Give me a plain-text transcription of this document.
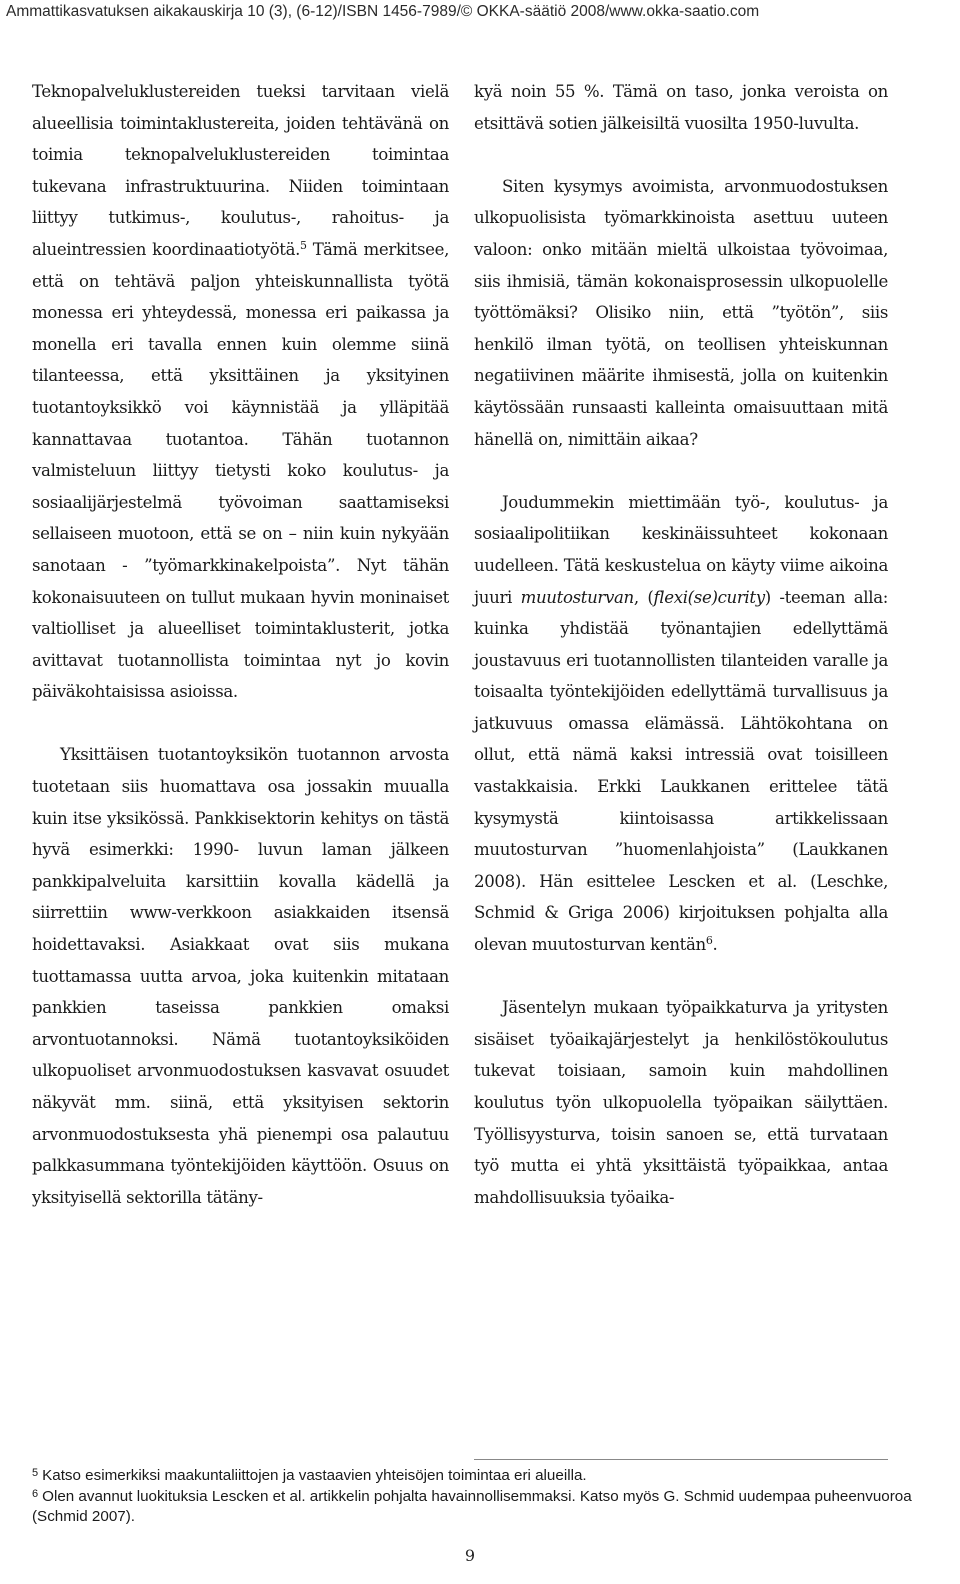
Ammattikasvatuksen aikakauskirja 10 (3), (6-12)/ISBN 1456-7989/© OKKA-säätiö 2008/www.okka-saatio.com

Teknopalveluklustereiden tueksi tarvitaan vielä alueellisia toimintaklustereita, joiden tehtävänä on toimia teknopalveluklustereiden toimintaa tukevana infrastruktuurina. Niiden toimintaan liittyy tutkimus-, koulutus-, rahoitus- ja alueintressien koordinaatiotyötä.$^5$ Tämä merkitsee, että on tehtävä paljon yhteiskunnallista työtä monessa eri yhteydessä, monessa eri paikassa ja monella eri tavalla ennen kuin olemme siinä tilanteessa, että yksittäinen ja yksityinen tuotantoyksikkö voi käynnistää ja ylläpitää kannattavaa tuotantoa. Tähän tuotannon valmisteluun liittyy tietysti koko koulutus- ja sosiaalijärjestelmä työvoiman saattamiseksi sellaiseen muotoon, että se on – niin kuin nykyään sanotaan - ”työmarkkinakelpoista”. Nyt tähän kokonaisuuteen on tullut mukaan hyvin moninaiset valtiolliset ja alueelliset toimintaklusterit, jotka avittavat tuotannollista toimintaa nyt jo kovin päiväkohtaisissa asioissa.

Yksittäisen tuotantoyksikön tuotannon arvosta tuotetaan siis huomattava osa jossakin muualla kuin itse yksikössä. Pankkisektorin kehitys on tästä hyvä esimerkki: 1990- luvun laman jälkeen pankkipalveluita karsittiin kovalla kädellä ja siirrettiin www-verkkoon asiakkaiden itsensä hoidettavaksi. Asiakkaat ovat siis mukana tuottamassa uutta arvoa, joka kuitenkin mitataan pankkien taseissa pankkien omaksi arvontuotannoksi. Nämä tuotantoyksiköiden ulkopuoliset arvonmuodostuksen kasvavat osuudet näkyvät mm. siinä, että yksityisen sektorin arvonmuodostuksesta yhä pienempi osa palautuu palkkasummana työntekijöiden käyttöön. Osuus on yksityisellä sektorilla tätäny-

kyä noin 55 %. Tämä on taso, jonka veroista on etsittävä sotien jälkeisiltä vuosilta 1950-luvulta.

Siten kysymys avoimista, arvonmuodostuksen ulkopuolisista työmarkkinoista asettuu uuteen valoon: onko mitään mieltä ulkoistaa työvoimaa, siis ihmisiä, tämän kokonaisprosessin ulkopuolelle työttömäksi? Olisiko niin, että ”työtön”, siis henkilö ilman työtä, on teollisen yhteiskunnan negatiivinen määrite ihmisestä, jolla on kuitenkin käytössään runsaasti kalleinta omaisuuttaan mitä hänellä on, nimittäin aikaa?

Joudummekin miettimään työ-, koulutus- ja sosiaalipolitiikan keskinäissuhteet kokonaan uudelleen. Tätä keskustelua on käyty viime aikoina juuri muutosturvan, (flexi(se)curity) -teeman alla: kuinka yhdistää työnantajien edellyttämä joustavuus eri tuotannollisten tilanteiden varalle ja toisaalta työntekijöiden edellyttämä turvallisuus ja jatkuvuus omassa elämässä. Lähtökohtana on ollut, että nämä kaksi intressiä ovat toisilleen vastakkaisia. Erkki Laukkanen erittelee tätä kysymystä kiintoisassa artikkelissaan muutosturvan ”huomenlahjoista” (Laukkanen 2008). Hän esittelee Lescken et al. (Leschke, Schmid & Griga 2006) kirjoituksen pohjalta alla olevan muutosturvan kentän$^6$.

Jäsentelyn mukaan työpaikkaturva ja yritysten sisäiset työaikajärjestelyt ja henkilöstökoulutus tukevat toisiaan, samoin kuin mahdollinen koulutus työn ulkopuolella työpaikan säilyttäen. Työllisyysturva, toisin sanoen se, että turvataan työ mutta ei yhtä yksittäistä työpaikkaa, antaa mahdollisuuksia työaika-

$^5$ Katso esimerkiksi maakuntaliittojen ja vastaavien yhteisöjen toimintaa eri alueilla.

$^6$ Olen avannut luokituksia Lescken et al. artikkelin pohjalta havainnollisemmaksi. Katso myös G. Schmid uudempaa puheenvuoroa (Schmid 2007).

9
